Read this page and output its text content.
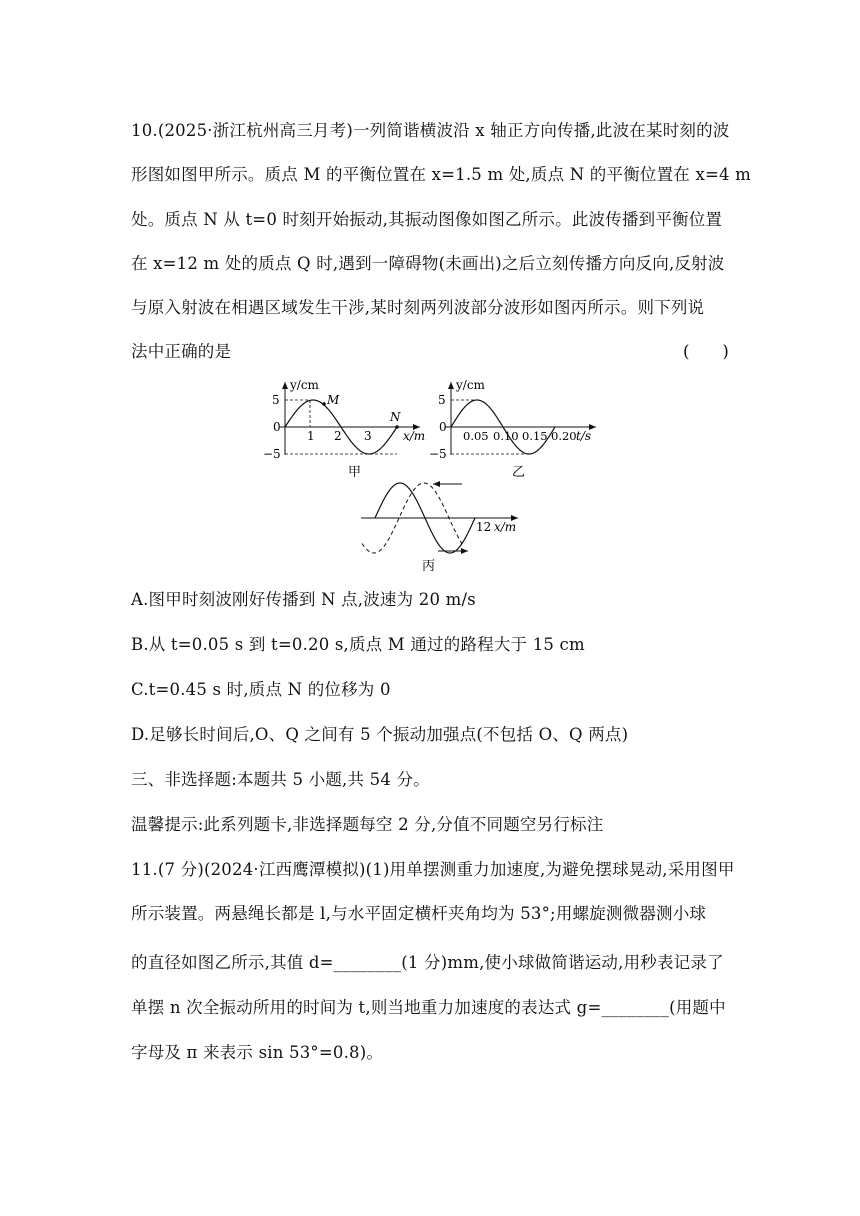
10.(2025·浙江杭州高三月考)一列简谐横波沿 x 轴正方向传播,此波在某时刻的波
形图如图甲所示。质点 M 的平衡位置在 x=1.5 m 处,质点 N 的平衡位置在 x=4 m
处。质点 N 从 t=0 时刻开始振动,其振动图像如图乙所示。此波传播到平衡位置
在 x=12 m 处的质点 Q 时,遇到一障碍物(未画出)之后立刻传播方向反向,反射波
与原入射波在相遇区域发生干涉,某时刻两列波部分波形如图丙所示。则下列说
法中正确的是	(　　)
y/cm
5
0
−5
1 2 3	x/m
M
N
甲
y/cm
5
0
−5
0.05 0.10 0.15 0.20 t/s
乙
12 x/m
丙
A.图甲时刻波刚好传播到 N 点,波速为 20 m/s
B.从 t=0.05 s 到 t=0.20 s,质点 M 通过的路程大于 15 cm
C.t=0.45 s 时,质点 N 的位移为 0
D.足够长时间后,O、Q 之间有 5 个振动加强点(不包括 O、Q 两点)
三、非选择题:本题共 5 小题,共 54 分。
温馨提示:此系列题卡,非选择题每空 2 分,分值不同题空另行标注
11.(7 分)(2024·江西鹰潭模拟)(1)用单摆测重力加速度,为避免摆球晃动,采用图甲
所示装置。两悬绳长都是 l,与水平固定横杆夹角均为 53°;用螺旋测微器测小球
的直径如图乙所示,其值 d=________(1 分)mm,使小球做简谐运动,用秒表记录了
单摆 n 次全振动所用的时间为 t,则当地重力加速度的表达式 g=________(用题中
字母及 π 来表示 sin 53°=0.8)。
